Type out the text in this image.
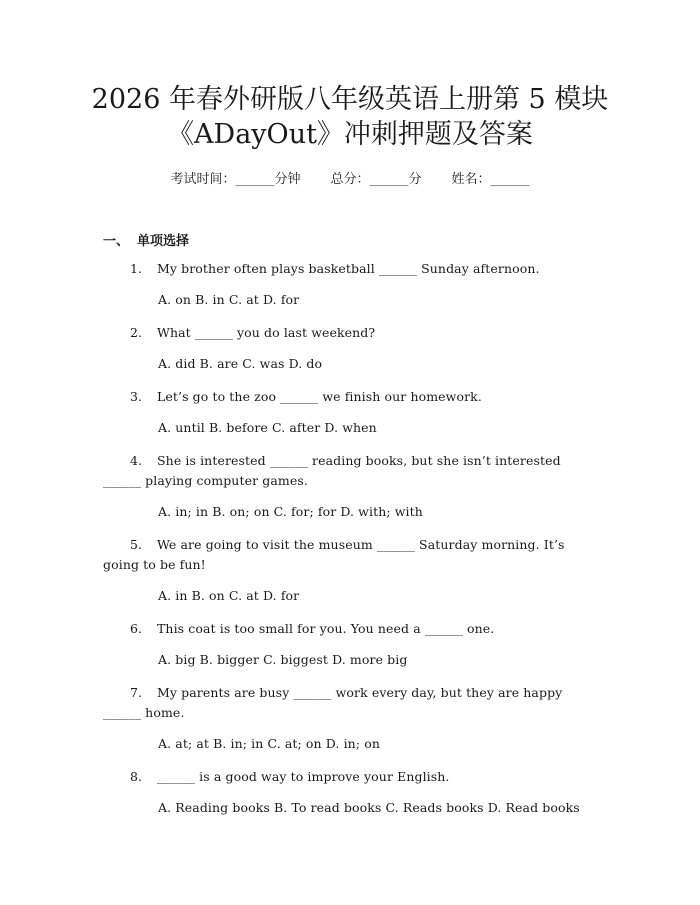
2026 年春外研版八年级英语上册第 5 模块
《ADayOut》冲刺押题及答案
考试时间：______分钟 总分：______分 姓名：______
一、 单项选择
1. My brother often plays basketball ______ Sunday afternoon.
A. on B. in C. at D. for
2. What ______ you do last weekend?
A. did B. are C. was D. do
3. Let’s go to the zoo ______ we finish our homework.
A. until B. before C. after D. when
4. She is interested ______ reading books, but she isn’t interested
______ playing computer games.
A. in; in B. on; on C. for; for D. with; with
5. We are going to visit the museum ______ Saturday morning. It’s
going to be fun!
A. in B. on C. at D. for
6. This coat is too small for you. You need a ______ one.
A. big B. bigger C. biggest D. more big
7. My parents are busy ______ work every day, but they are happy
______ home.
A. at; at B. in; in C. at; on D. in; on
8. ______ is a good way to improve your English.
A. Reading books B. To read books C. Reads books D. Read books
